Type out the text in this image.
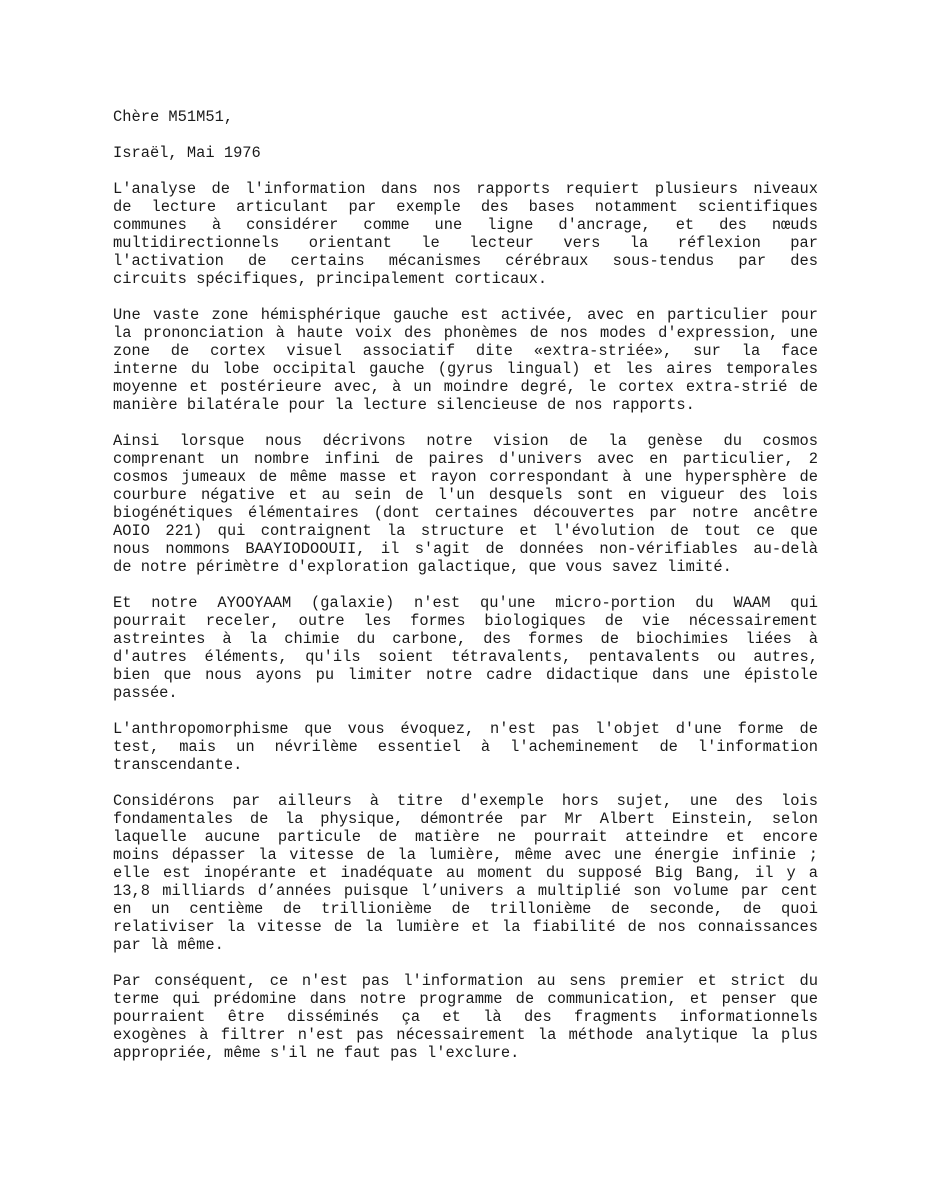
Chère M51M51,
Israël, Mai 1976
L'analyse de l'information dans nos rapports requiert plusieurs niveaux
de lecture articulant par exemple des bases notamment scientifiques
communes à considérer comme une ligne d'ancrage, et des nœuds
multidirectionnels orientant le lecteur vers la réflexion par
l'activation de certains mécanismes cérébraux sous-tendus par des
circuits spécifiques, principalement corticaux.
Une vaste zone hémisphérique gauche est activée, avec en particulier pour
la prononciation à haute voix des phonèmes de nos modes d'expression, une
zone de cortex visuel associatif dite «extra-striée», sur la face
interne du lobe occipital gauche (gyrus lingual) et les aires temporales
moyenne et postérieure avec, à un moindre degré, le cortex extra-strié de
manière bilatérale pour la lecture silencieuse de nos rapports.
Ainsi lorsque nous décrivons notre vision de la genèse du cosmos
comprenant un nombre infini de paires d'univers avec en particulier, 2
cosmos jumeaux de même masse et rayon correspondant à une hypersphère de
courbure négative et au sein de l'un desquels sont en vigueur des lois
biogénétiques élémentaires (dont certaines découvertes par notre ancêtre
AOIO 221) qui contraignent la structure et l'évolution de tout ce que
nous nommons BAAYIODOOUII, il s'agit de données non-vérifiables au-delà
de notre périmètre d'exploration galactique, que vous savez limité.
Et notre AYOOYAAM (galaxie) n'est qu'une micro-portion du WAAM qui
pourrait receler, outre les formes biologiques de vie nécessairement
astreintes à la chimie du carbone, des formes de biochimies liées à
d'autres éléments, qu'ils soient tétravalents, pentavalents ou autres,
bien que nous ayons pu limiter notre cadre didactique dans une épistole
passée.
L'anthropomorphisme que vous évoquez, n'est pas l'objet d'une forme de
test, mais un névrilème essentiel à l'acheminement de l'information
transcendante.
Considérons par ailleurs à titre d'exemple hors sujet, une des lois
fondamentales de la physique, démontrée par Mr Albert Einstein, selon
laquelle aucune particule de matière ne pourrait atteindre et encore
moins dépasser la vitesse de la lumière, même avec une énergie infinie ;
elle est inopérante et inadéquate au moment du supposé Big Bang, il y a
13,8 milliards d’années puisque l’univers a multiplié son volume par cent
en un centième de trillionième de trillonième de seconde, de quoi
relativiser la vitesse de la lumière et la fiabilité de nos connaissances
par là même.
Par conséquent, ce n'est pas l'information au sens premier et strict du
terme qui prédomine dans notre programme de communication, et penser que
pourraient être disséminés ça et là des fragments informationnels
exogènes à filtrer n'est pas nécessairement la méthode analytique la plus
appropriée, même s'il ne faut pas l'exclure.
